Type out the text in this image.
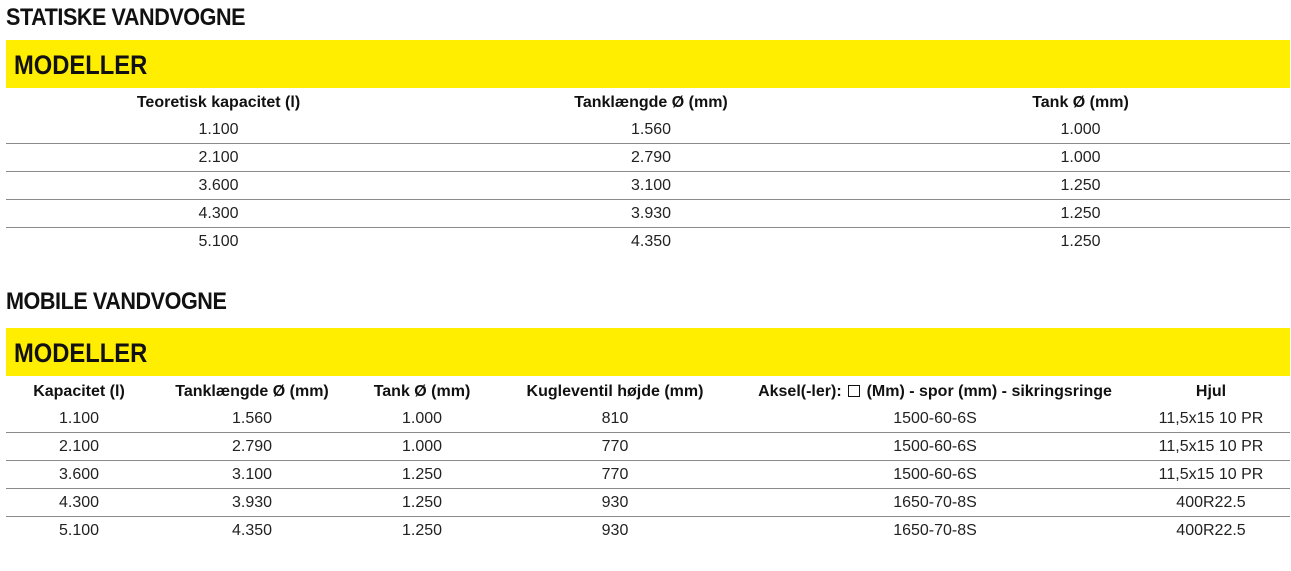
STATISKE VANDVOGNE
MODELLER
Teoretisk kapacitet (l)	Tanklængde Ø (mm)	Tank Ø (mm)
1.100	1.560	1.000
2.100	2.790	1.000
3.600	3.100	1.250
4.300	3.930	1.250
5.100	4.350	1.250
MOBILE VANDVOGNE
MODELLER
Kapacitet (l)	Tanklængde Ø (mm)	Tank Ø (mm)	Kugleventil højde (mm)	Aksel(-ler): (Mm) - spor (mm) - sikringsringe	Hjul
1.100	1.560	1.000	810	1500-60-6S	11,5x15 10 PR
2.100	2.790	1.000	770	1500-60-6S	11,5x15 10 PR
3.600	3.100	1.250	770	1500-60-6S	11,5x15 10 PR
4.300	3.930	1.250	930	1650-70-8S	400R22.5
5.100	4.350	1.250	930	1650-70-8S	400R22.5
